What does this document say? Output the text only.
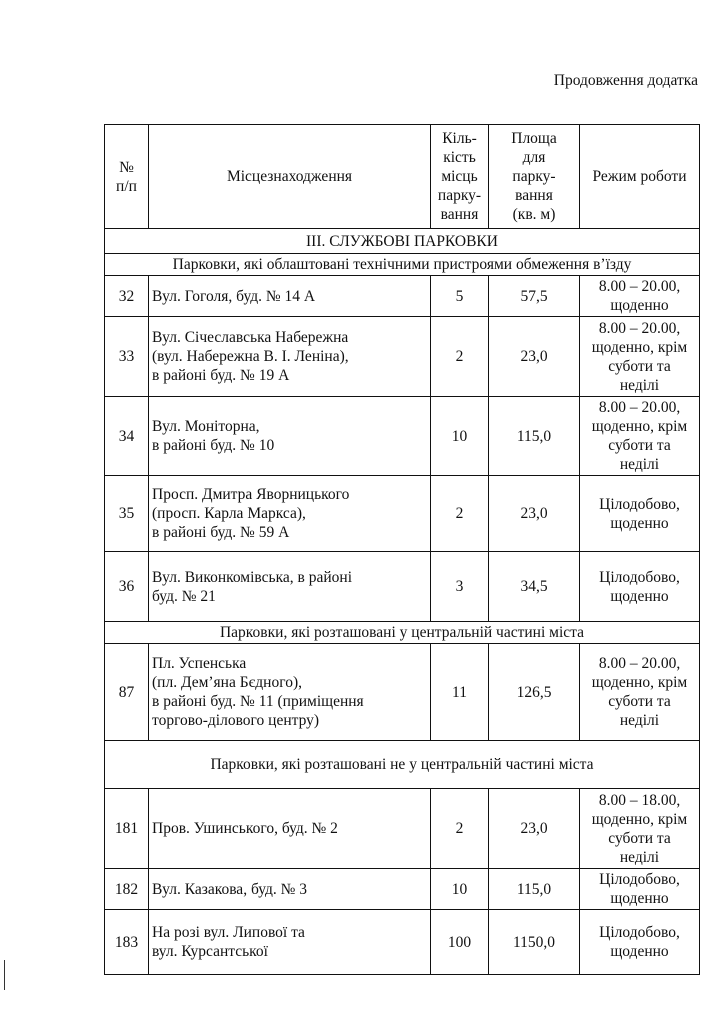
Продовження додатка
№
п/п	Місцезнаходження	Кіль-
кість
місць
парку-
вання	Площа
для
парку-
вання
(кв. м)	Режим роботи
ІІІ. СЛУЖБОВІ ПАРКОВКИ				
Парковки, які облаштовані технічними пристроями обмеження в’їзду				
32	Вул. Гоголя, буд. № 14 А	5	57,5	8.00 – 20.00,
щоденно
33	Вул. Січеславська Набережна
(вул. Набережна В. І. Леніна),
в районі буд. № 19 А	2	23,0	8.00 – 20.00,
щоденно, крім
суботи та
неділі
34	Вул. Моніторна,
в районі буд. № 10	10	115,0	8.00 – 20.00,
щоденно, крім
суботи та
неділі
35	Просп. Дмитра Яворницького
(просп. Карла Маркса),
в районі буд. № 59 А	2	23,0	Цілодобово,
щоденно
36	Вул. Виконкомівська, в районі
буд. № 21	3	34,5	Цілодобово,
щоденно
Парковки, які розташовані у центральній частині міста				
87	Пл. Успенська
(пл. Дем’яна Бєдного),
в районі буд. № 11 (приміщення
торгово-ділового центру)	11	126,5	8.00 – 20.00,
щоденно, крім
суботи та
неділі
Парковки, які розташовані не у центральній частині міста				
181	Пров. Ушинського, буд. № 2	2	23,0	8.00 – 18.00,
щоденно, крім
суботи та
неділі
182	Вул. Казакова, буд. № 3	10	115,0	Цілодобово,
щоденно
183	На розі вул. Липової та
вул. Курсантської	100	1150,0	Цілодобово,
щоденно
